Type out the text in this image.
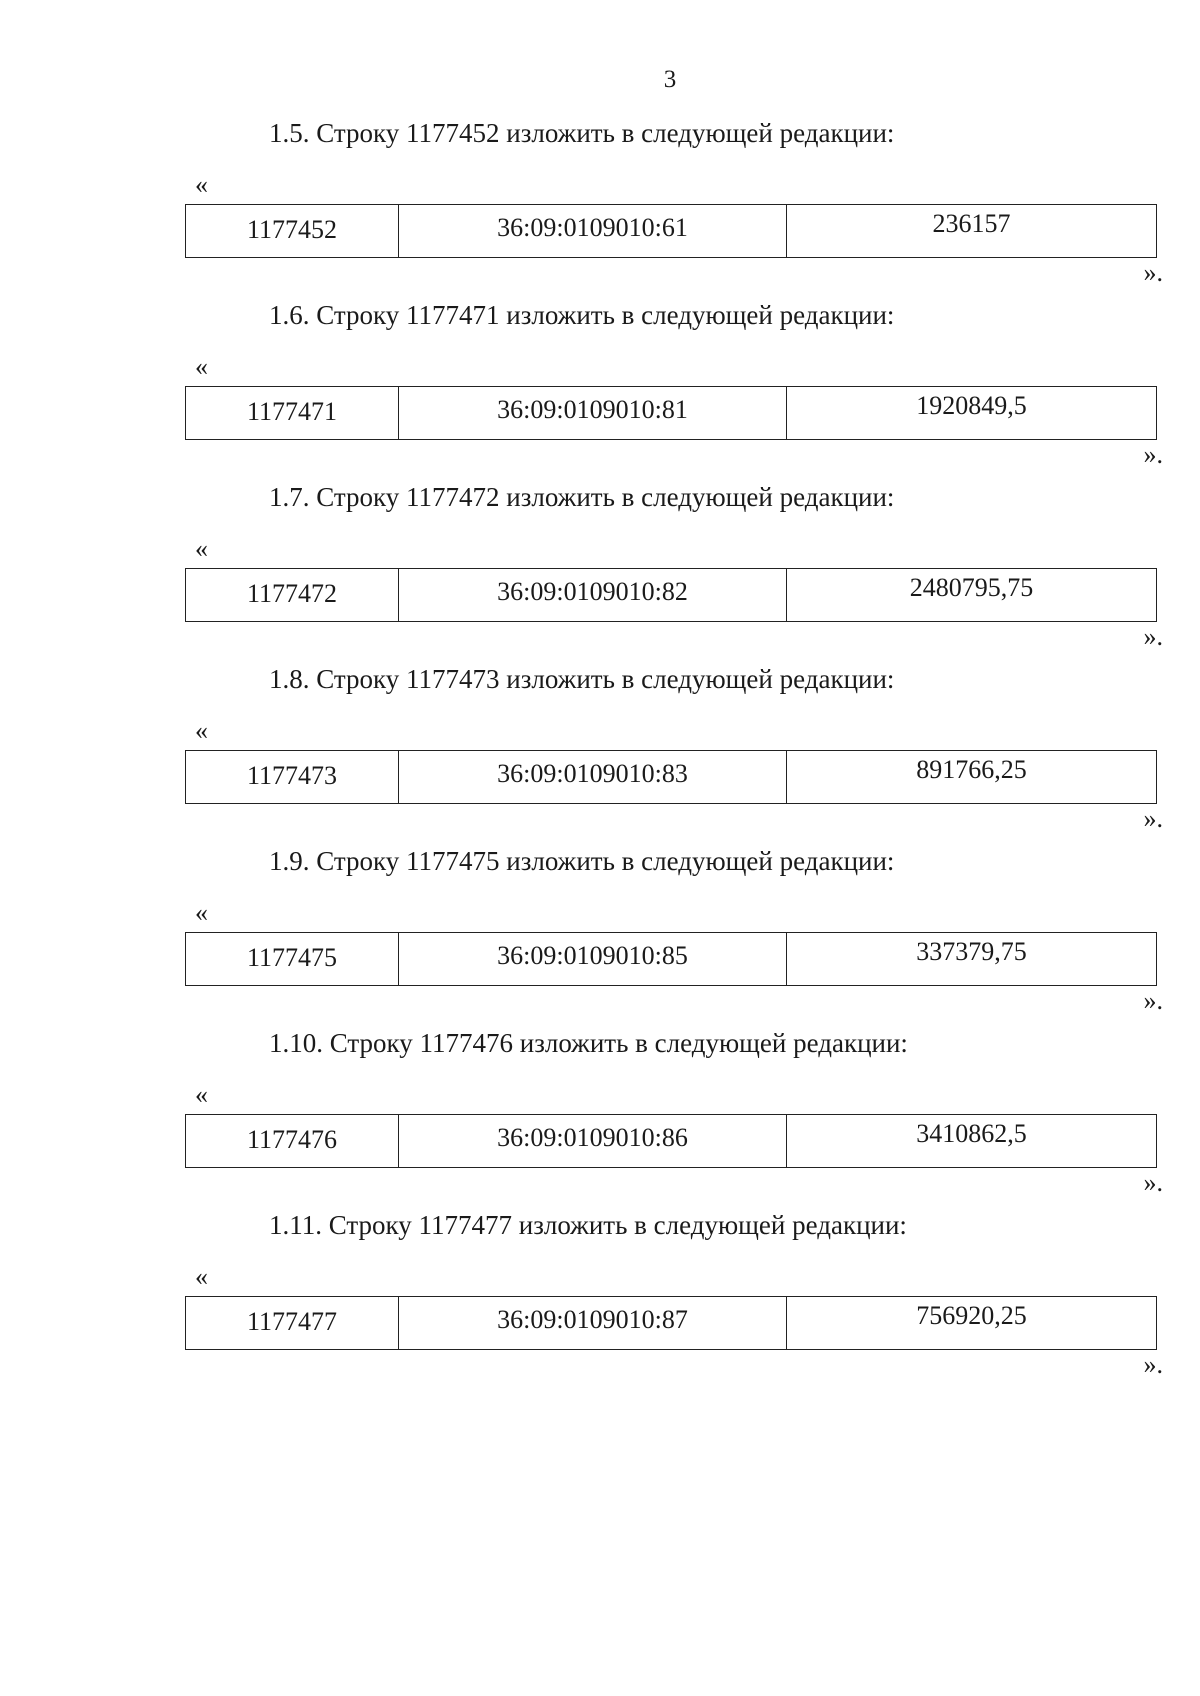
3
1.5. Строку 1177452 изложить в следующей редакции:
«
1177452	36:09:0109010:61	236157
».
1.6. Строку 1177471 изложить в следующей редакции:
«
1177471	36:09:0109010:81	1920849,5
».
1.7. Строку 1177472 изложить в следующей редакции:
«
1177472	36:09:0109010:82	2480795,75
».
1.8. Строку 1177473 изложить в следующей редакции:
«
1177473	36:09:0109010:83	891766,25
».
1.9. Строку 1177475 изложить в следующей редакции:
«
1177475	36:09:0109010:85	337379,75
».
1.10. Строку 1177476 изложить в следующей редакции:
«
1177476	36:09:0109010:86	3410862,5
».
1.11. Строку 1177477 изложить в следующей редакции:
«
1177477	36:09:0109010:87	756920,25
».
